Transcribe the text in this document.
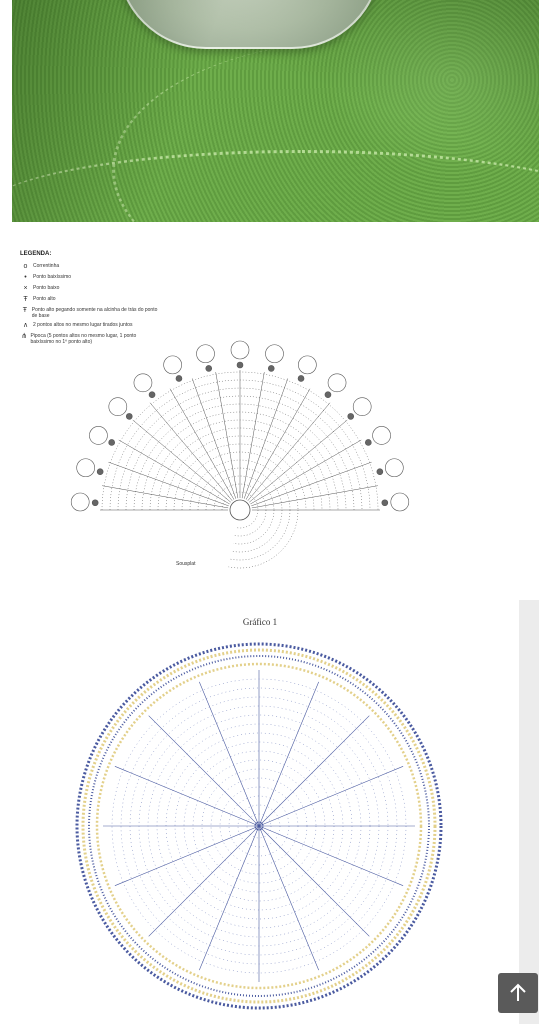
LEGENDA:
o	Correntinha
•	Ponto baixíssimo
×	Ponto baixo
Ŧ	Ponto alto
Ŧ Ponto alto pegando somente na alcinha de trás do ponto de base
∧ 2 pontos altos no mesmo lugar tirados juntos
⋔ Pipoca (5 pontos altos no mesmo lugar, 1 ponto baixíssimo no 1º ponto alto)
Sousplat
Gráfico 1
